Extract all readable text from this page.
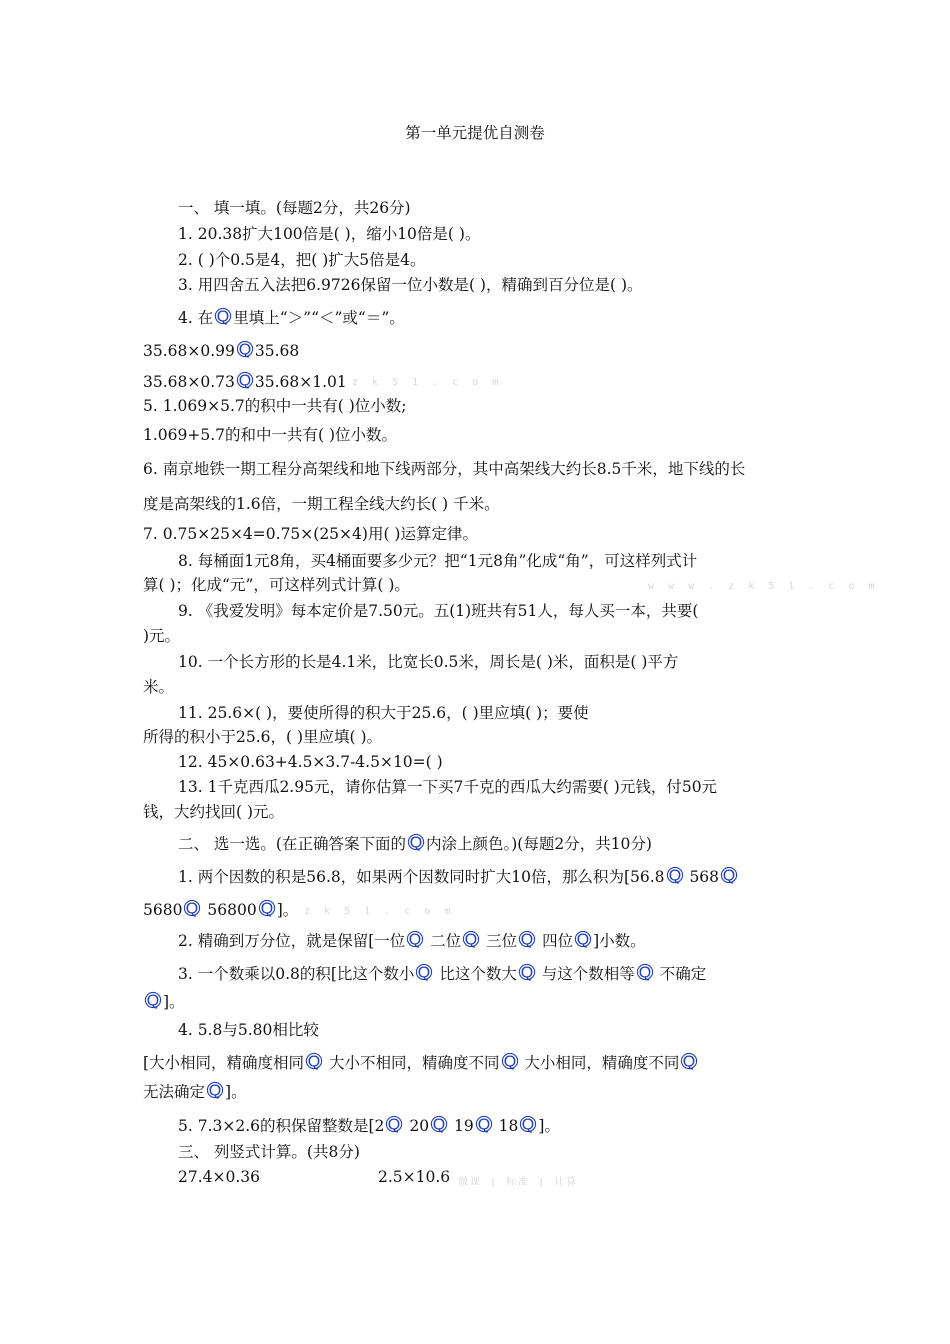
第一单元提优自测卷
一、 填一填。(每题2分，共26分)
1. 20.38扩大100倍是( )，缩小10倍是( )。
2. ( )个0.5是4，把( )扩大5倍是4。
3. 用四舍五入法把6.9726保留一位小数是( )，精确到百分位是( )。
4. 在 里填上“＞”“＜”或“＝”。
35.68×0.99 35.68
35.68×0.73 35.68×1.01 z k 5 1 . c o m
5. 1.069×5.7的积中一共有( )位小数;
1.069+5.7的和中一共有( )位小数。
6. 南京地铁一期工程分高架线和地下线两部分，其中高架线大约长8.5千米，地下线的长
度是高架线的1.6倍，一期工程全线大约长( ) 千米。
7. 0.75×25×4=0.75×(25×4)用( )运算定律。
8. 每桶面1元8角，买4桶面要多少元？把“1元8角”化成“角”，可这样列式计
算( )；化成“元”，可这样列式计算( )。	w w w . z k 5 1 . c o m
9. 《我爱发明》每本定价是7.50元。五(1)班共有51人，每人买一本，共要(
)元。
10. 一个长方形的长是4.1米，比宽长0.5米，周长是( )米，面积是( )平方
米。
11. 25.6×( )，要使所得的积大于25.6，( )里应填( )；要使
所得的积小于25.6，( )里应填( )。
12. 45×0.63+4.5×3.7-4.5×10=( )
13. 1千克西瓜2.95元，请你估算一下买7千克的西瓜大约需要( )元钱，付50元
钱，大约找回( )元。
二、 选一选。(在正确答案下面的 内涂上颜色。)(每题2分，共10分)
1. 两个因数的积是56.8，如果两个因数同时扩大10倍，那么积为[56.8
568
5680
56800 ]。 z k 5 1 . c o m
2. 精确到万分位，就是保留[一位
二位
三位
四位 ]小数。
3. 一个数乘以0.8的积[比这个数小
比这个数大
与这个数相等
不确定
]。
4. 5.8与5.80相比较
[大小相同，精确度相同
大小不相同，精确度不同
大小相同，精确度不同
无法确定 ]。
5. 7.3×2.6的积保留整数是[2
20
19
18 ]。
三、 列竖式计算。(共8分)
27.4×0.36	2.5×10.6 微课 | 标准 | 计算
